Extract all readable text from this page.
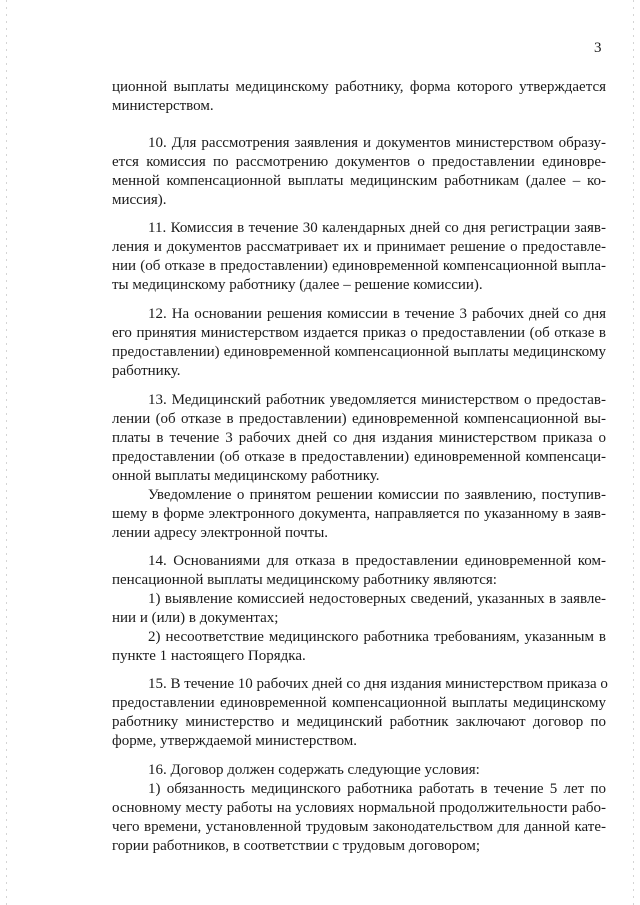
3
ционной выплаты медицинскому работнику, форма которого утверждается
министерством.
10. Для рассмотрения заявления и документов министерством образу-
ется комиссия по рассмотрению документов о предоставлении единовре-
менной компенсационной выплаты медицинским работникам (далее – ко-
миссия).
11. Комиссия в течение 30 календарных дней со дня регистрации заяв-
ления и документов рассматривает их и принимает решение о предоставле-
нии (об отказе в предоставлении) единовременной компенсационной выпла-
ты медицинскому работнику (далее – решение комиссии).
12. На основании решения комиссии в течение 3 рабочих дней со дня
его принятия министерством издается приказ о предоставлении (об отказе в
предоставлении) единовременной компенсационной выплаты медицинскому
работнику.
13. Медицинский работник уведомляется министерством о предостав-
лении (об отказе в предоставлении) единовременной компенсационной вы-
платы в течение 3 рабочих дней со дня издания министерством приказа о
предоставлении (об отказе в предоставлении) единовременной компенсаци-
онной выплаты медицинскому работнику.
Уведомление о принятом решении комиссии по заявлению, поступив-
шему в форме электронного документа, направляется по указанному в заяв-
лении адресу электронной почты.
14. Основаниями для отказа в предоставлении единовременной ком-
пенсационной выплаты медицинскому работнику являются:
1) выявление комиссией недостоверных сведений, указанных в заявле-
нии и (или) в документах;
2) несоответствие медицинского работника требованиям, указанным в
пункте 1 настоящего Порядка.
15. В течение 10 рабочих дней со дня издания министерством приказа о
предоставлении единовременной компенсационной выплаты медицинскому
работнику министерство и медицинский работник заключают договор по
форме, утверждаемой министерством.
16. Договор должен содержать следующие условия:
1) обязанность медицинского работника работать в течение 5 лет по
основному месту работы на условиях нормальной продолжительности рабо-
чего времени, установленной трудовым законодательством для данной кате-
гории работников, в соответствии с трудовым договором;
